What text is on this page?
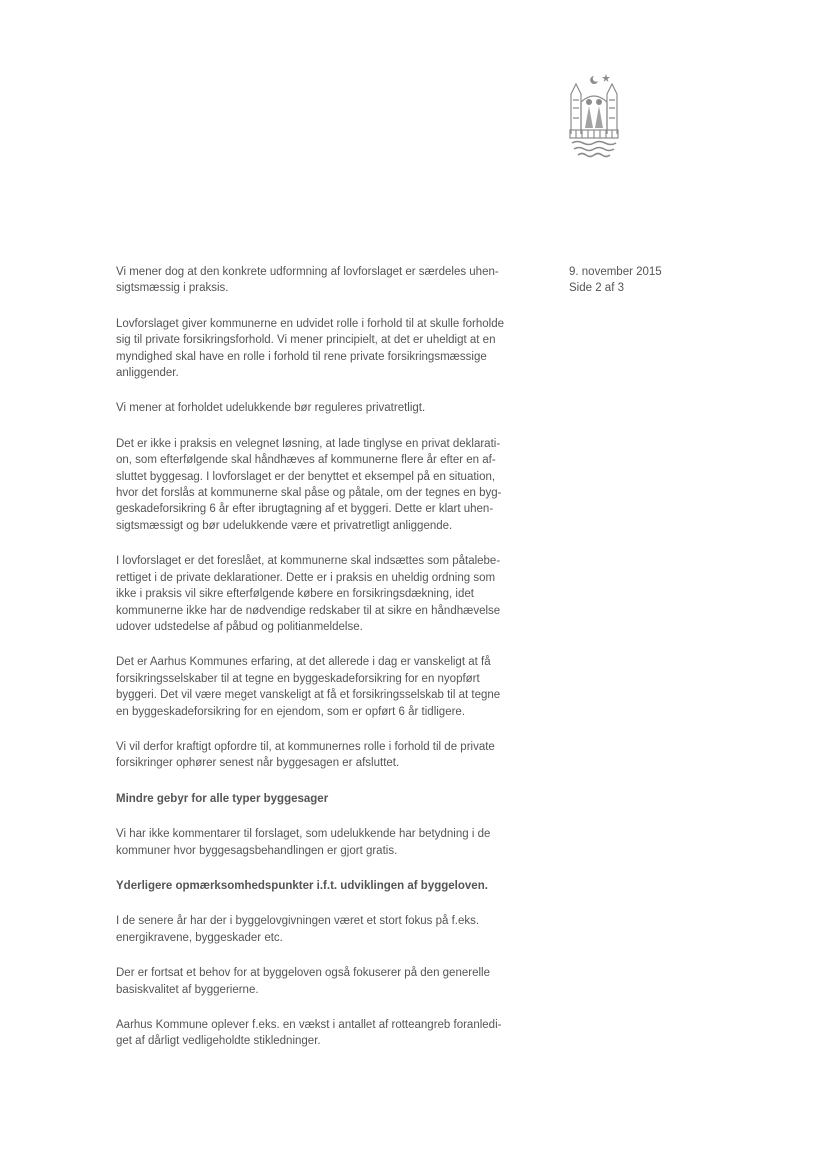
9. november 2015
Side 2 af 3

Vi mener dog at den konkrete udformning af lovforslaget er særdeles uhen-
sigtsmæssig i praksis.

Lovforslaget giver kommunerne en udvidet rolle i forhold til at skulle forholde
sig til private forsikringsforhold. Vi mener principielt, at det er uheldigt at en
myndighed skal have en rolle i forhold til rene private forsikringsmæssige
anliggender.

Vi mener at forholdet udelukkende bør reguleres privatretligt.

Det er ikke i praksis en velegnet løsning, at lade tinglyse en privat deklarati-
on, som efterfølgende skal håndhæves af kommunerne flere år efter en af-
sluttet byggesag. I lovforslaget er der benyttet et eksempel på en situation,
hvor det forslås at kommunerne skal påse og påtale, om der tegnes en byg-
geskadeforsikring 6 år efter ibrugtagning af et byggeri. Dette er klart uhen-
sigtsmæssigt og bør udelukkende være et privatretligt anliggende.

I lovforslaget er det foreslået, at kommunerne skal indsættes som påtalebe-
rettiget i de private deklarationer. Dette er i praksis en uheldig ordning som
ikke i praksis vil sikre efterfølgende købere en forsikringsdækning, idet
kommunerne ikke har de nødvendige redskaber til at sikre en håndhævelse
udover udstedelse af påbud og politianmeldelse.

Det er Aarhus Kommunes erfaring, at det allerede i dag er vanskeligt at få
forsikringsselskaber til at tegne en byggeskadeforsikring for en nyopført
byggeri. Det vil være meget vanskeligt at få et forsikringsselskab til at tegne
en byggeskadeforsikring for en ejendom, som er opført 6 år tidligere.

Vi vil derfor kraftigt opfordre til, at kommunernes rolle i forhold til de private
forsikringer ophører senest når byggesagen er afsluttet.

Mindre gebyr for alle typer byggesager

Vi har ikke kommentarer til forslaget, som udelukkende har betydning i de
kommuner hvor byggesagsbehandlingen er gjort gratis.

Yderligere opmærksomhedspunkter i.f.t. udviklingen af byggeloven.

I de senere år har der i byggelovgivningen været et stort fokus på f.eks.
energikravene, byggeskader etc.

Der er fortsat et behov for at byggeloven også fokuserer på den generelle
basiskvalitet af byggerierne.

Aarhus Kommune oplever f.eks. en vækst i antallet af rotteangreb foranledi-
get af dårligt vedligeholdte stikledninger.
